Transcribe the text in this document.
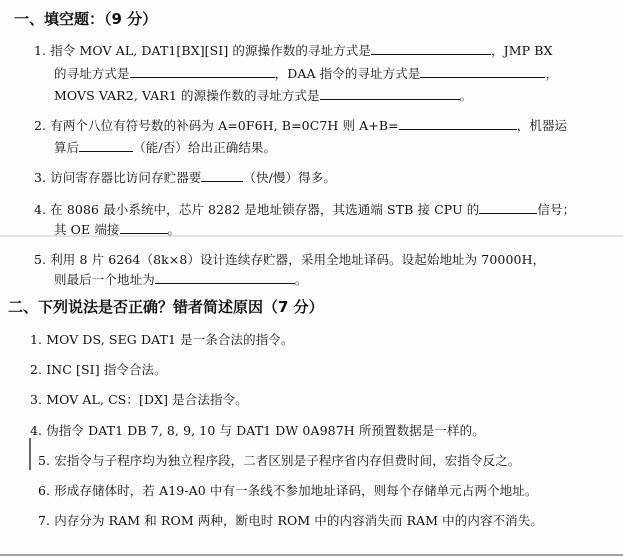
一、填空题：（9 分）
1. 指令 MOV AL, DAT1[BX][SI] 的源操作数的寻址方式是	，JMP BX
的寻址方式是	，DAA 指令的寻址方式是	，
MOVS VAR2, VAR1 的源操作数的寻址方式是	。
2. 有两个八位有符号数的补码为 A=0F6H, B=0C7H 则 A+B=	，机器运
算后	（能/否）给出正确结果。
3. 访问寄存器比访问存贮器要	（快/慢）得多。
4. 在 8086 最小系统中，芯片 8282 是地址锁存器，其选通端 STB 接 CPU 的	信号；
其 OE 端接	。
5. 利用 8 片 6264（8k×8）设计连续存贮器，采用全地址译码。设起始地址为 70000H，
则最后一个地址为	。
二、下列说法是否正确？错者简述原因（7 分）
1. MOV DS, SEG DAT1 是一条合法的指令。
2. INC [SI] 指令合法。
3. MOV AL, CS：[DX] 是合法指令。
4. 伪指令 DAT1 DB 7, 8, 9, 10 与 DAT1 DW 0A987H 所预置数据是一样的。
5. 宏指令与子程序均为独立程序段，二者区别是子程序省内存但费时间，宏指令反之。
6. 形成存储体时，若 A19-A0 中有一条线不参加地址译码，则每个存储单元占两个地址。
7. 内存分为 RAM 和 ROM 两种，断电时 ROM 中的内容消失而 RAM 中的内容不消失。
